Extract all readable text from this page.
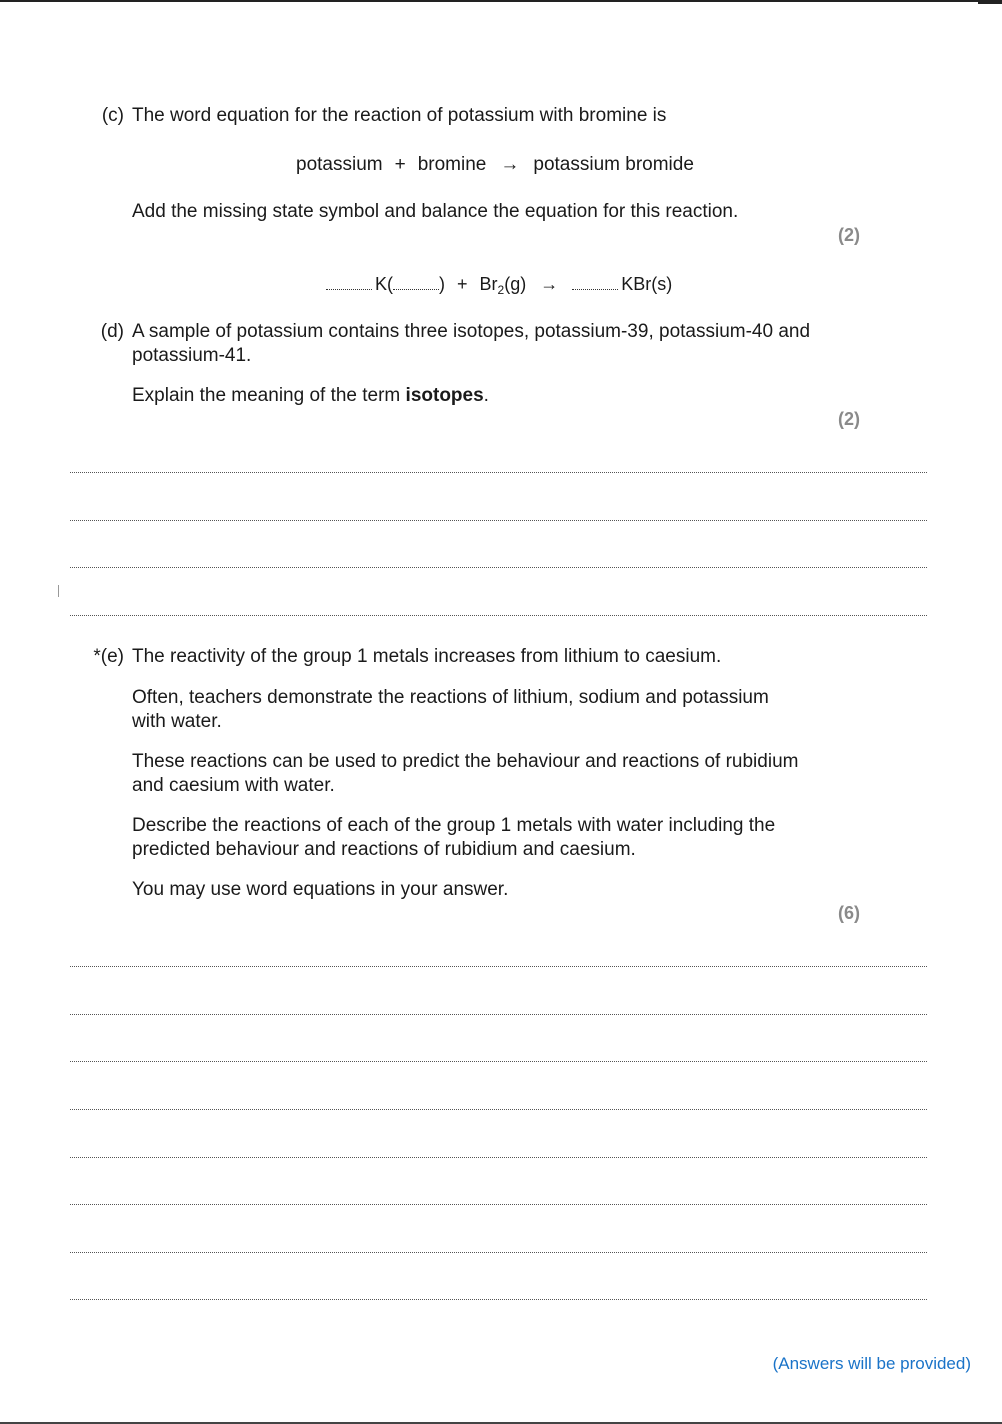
(c) The word equation for the reaction of potassium with bromine is
potassium + bromine → potassium bromide
Add the missing state symbol and balance the equation for this reaction.
(2)
K(	) + Br 2 (g) →	KBr(s)
(d) A sample of potassium contains three isotopes, potassium-39, potassium-40 and potassium-41.
Explain the meaning of the term isotopes.
(2)
*(e) The reactivity of the group 1 metals increases from lithium to caesium.
Often, teachers demonstrate the reactions of lithium, sodium and potassium with water.
These reactions can be used to predict the behaviour and reactions of rubidium and caesium with water.
Describe the reactions of each of the group 1 metals with water including the predicted behaviour and reactions of rubidium and caesium.
You may use word equations in your answer.
(6)
(Answers will be provided)
